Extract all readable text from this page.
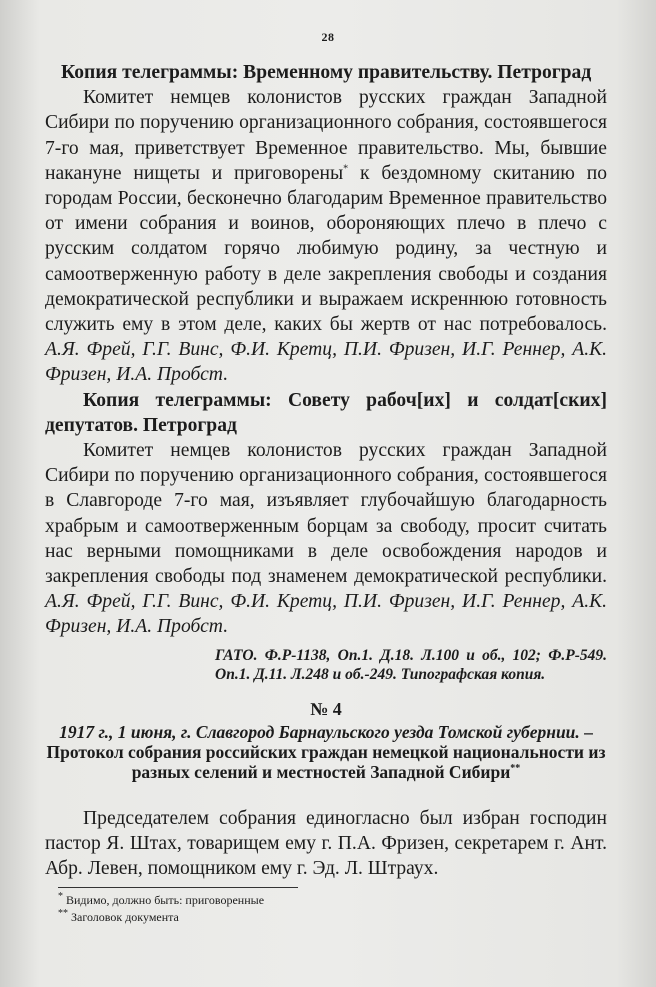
28

Копия телеграммы: Временному правительству. Петроград

Комитет немцев колонистов русских граждан Западной Сибири по поручению организационного собрания, состоявшегося 7-го мая, приветствует Временное правительство. Мы, бывшие накануне нищеты и приговорены* к бездомному скитанию по городам России, бесконечно благодарим Временное правительство от имени собрания и воинов, обороняющих плечо в плечо с русским солдатом горячо любимую родину, за честную и самоотверженную работу в деле закрепления свободы и создания демократической республики и выражаем искреннюю готовность служить ему в этом деле, каких бы жертв от нас потребовалось. А.Я. Фрей, Г.Г. Винс, Ф.И. Кретц, П.И. Фризен, И.Г. Реннер, А.К. Фризен, И.А. Пробст.

Копия телеграммы: Совету рабоч[их] и солдат[ских] депутатов. Петроград

Комитет немцев колонистов русских граждан Западной Сибири по поручению организационного собрания, состоявшегося в Славгороде 7-го мая, изъявляет глубочайшую благодарность храбрым и самоотверженным борцам за свободу, просит считать нас верными помощниками в деле освобождения народов и закрепления свободы под знаменем демократической республики. А.Я. Фрей, Г.Г. Винс, Ф.И. Кретц, П.И. Фризен, И.Г. Реннер, А.К. Фризен, И.А. Пробст.

ГАТО. Ф.Р-1138, Оп.1. Д.18. Л.100 и об., 102; Ф.Р-549. Оп.1. Д.11. Л.248 и об.-249. Типографская копия.

№ 4

1917 г., 1 июня, г. Славгород Барнаульского уезда Томской губернии. – Протокол собрания российских граждан немецкой национальности из разных селений и местностей Западной Сибири**

Председателем собрания единогласно был избран господин пастор Я. Штах, товарищем ему г. П.А. Фризен, секретарем г. Ант. Абр. Левен, помощником ему г. Эд. Л. Штраух.

* Видимо, должно быть: приговоренные

** Заголовок документа
